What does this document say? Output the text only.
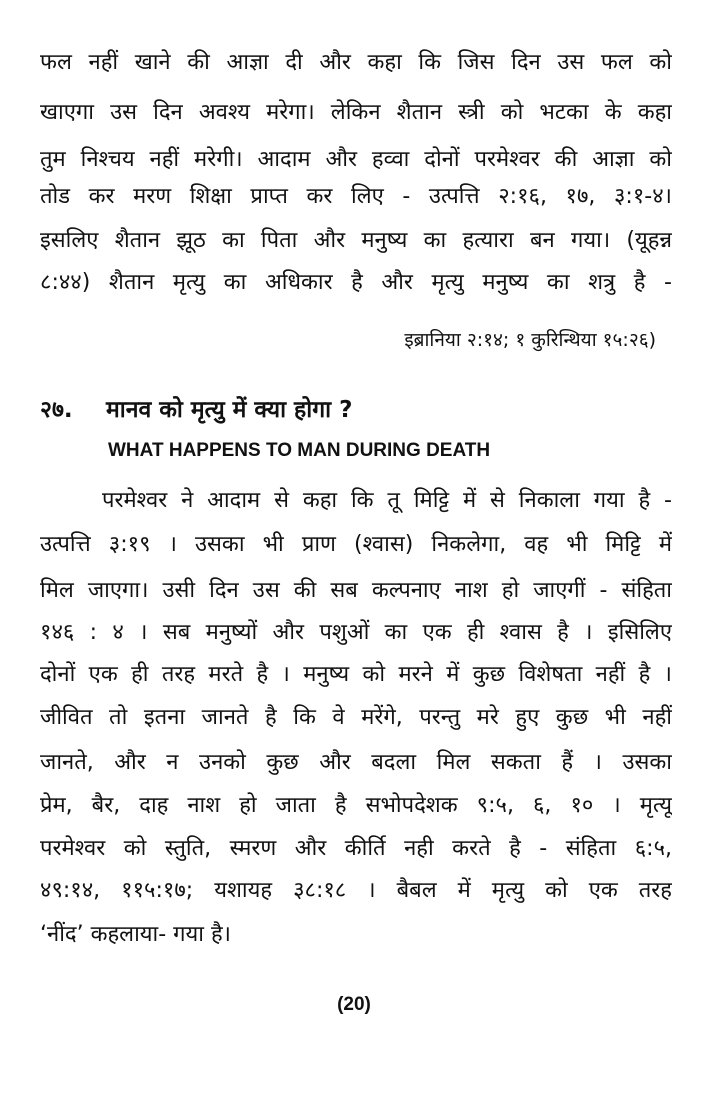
फल नहीं खाने की आज्ञा दी और कहा कि जिस दिन उस फल को
खाएगा उस दिन अवश्य मरेगा। लेकिन शैतान स्त्री को भटका के कहा
तुम निश्चय नहीं मरेगी। आदाम और हव्वा दोनों परमेश्वर की आज्ञा को
तोड कर मरण शिक्षा प्राप्त कर लिए - उत्पत्ति २:१६, १७, ३:१-४।
इसलिए शैतान झूठ का पिता और मनुष्य का हत्यारा बन गया। (यूहन्न
८:४४) शैतान मृत्यु का अधिकार है और मृत्यु मनुष्य का शत्रु है -
इब्रानिया २:१४; १ कुरिन्थिया १५:२६)
२७. मानव को मृत्यु में क्या होगा ?
WHAT HAPPENS TO MAN DURING DEATH
परमेश्वर ने आदाम से कहा कि तू मिट्टि में से निकाला गया है -
उत्पत्ति ३:१९ । उसका भी प्राण (श्वास) निकलेगा, वह भी मिट्टि में
मिल जाएगा। उसी दिन उस की सब कल्पनाए नाश हो जाएगीं - संहिता
१४६ : ४ । सब मनुष्यों और पशुओं का एक ही श्वास है । इसिलिए
दोनों एक ही तरह मरते है । मनुष्य को मरने में कुछ विशेषता नहीं है ।
जीवित तो इतना जानते है कि वे मरेंगे, परन्तु मरे हुए कुछ भी नहीं
जानते, और न उनको कुछ और बदला मिल सकता हैं । उसका
प्रेम, बैर, दाह नाश हो जाता है सभोपदेशक ९:५, ६, १० । मृत्यू
परमेश्वर को स्तुति, स्मरण और कीर्ति नही करते है - संहिता ६:५,
४९:१४, ११५:१७; यशायह ३८:१८ । बैबल में मृत्यु को एक तरह
‘नींद’ कहलाया- गया है।
(20)
